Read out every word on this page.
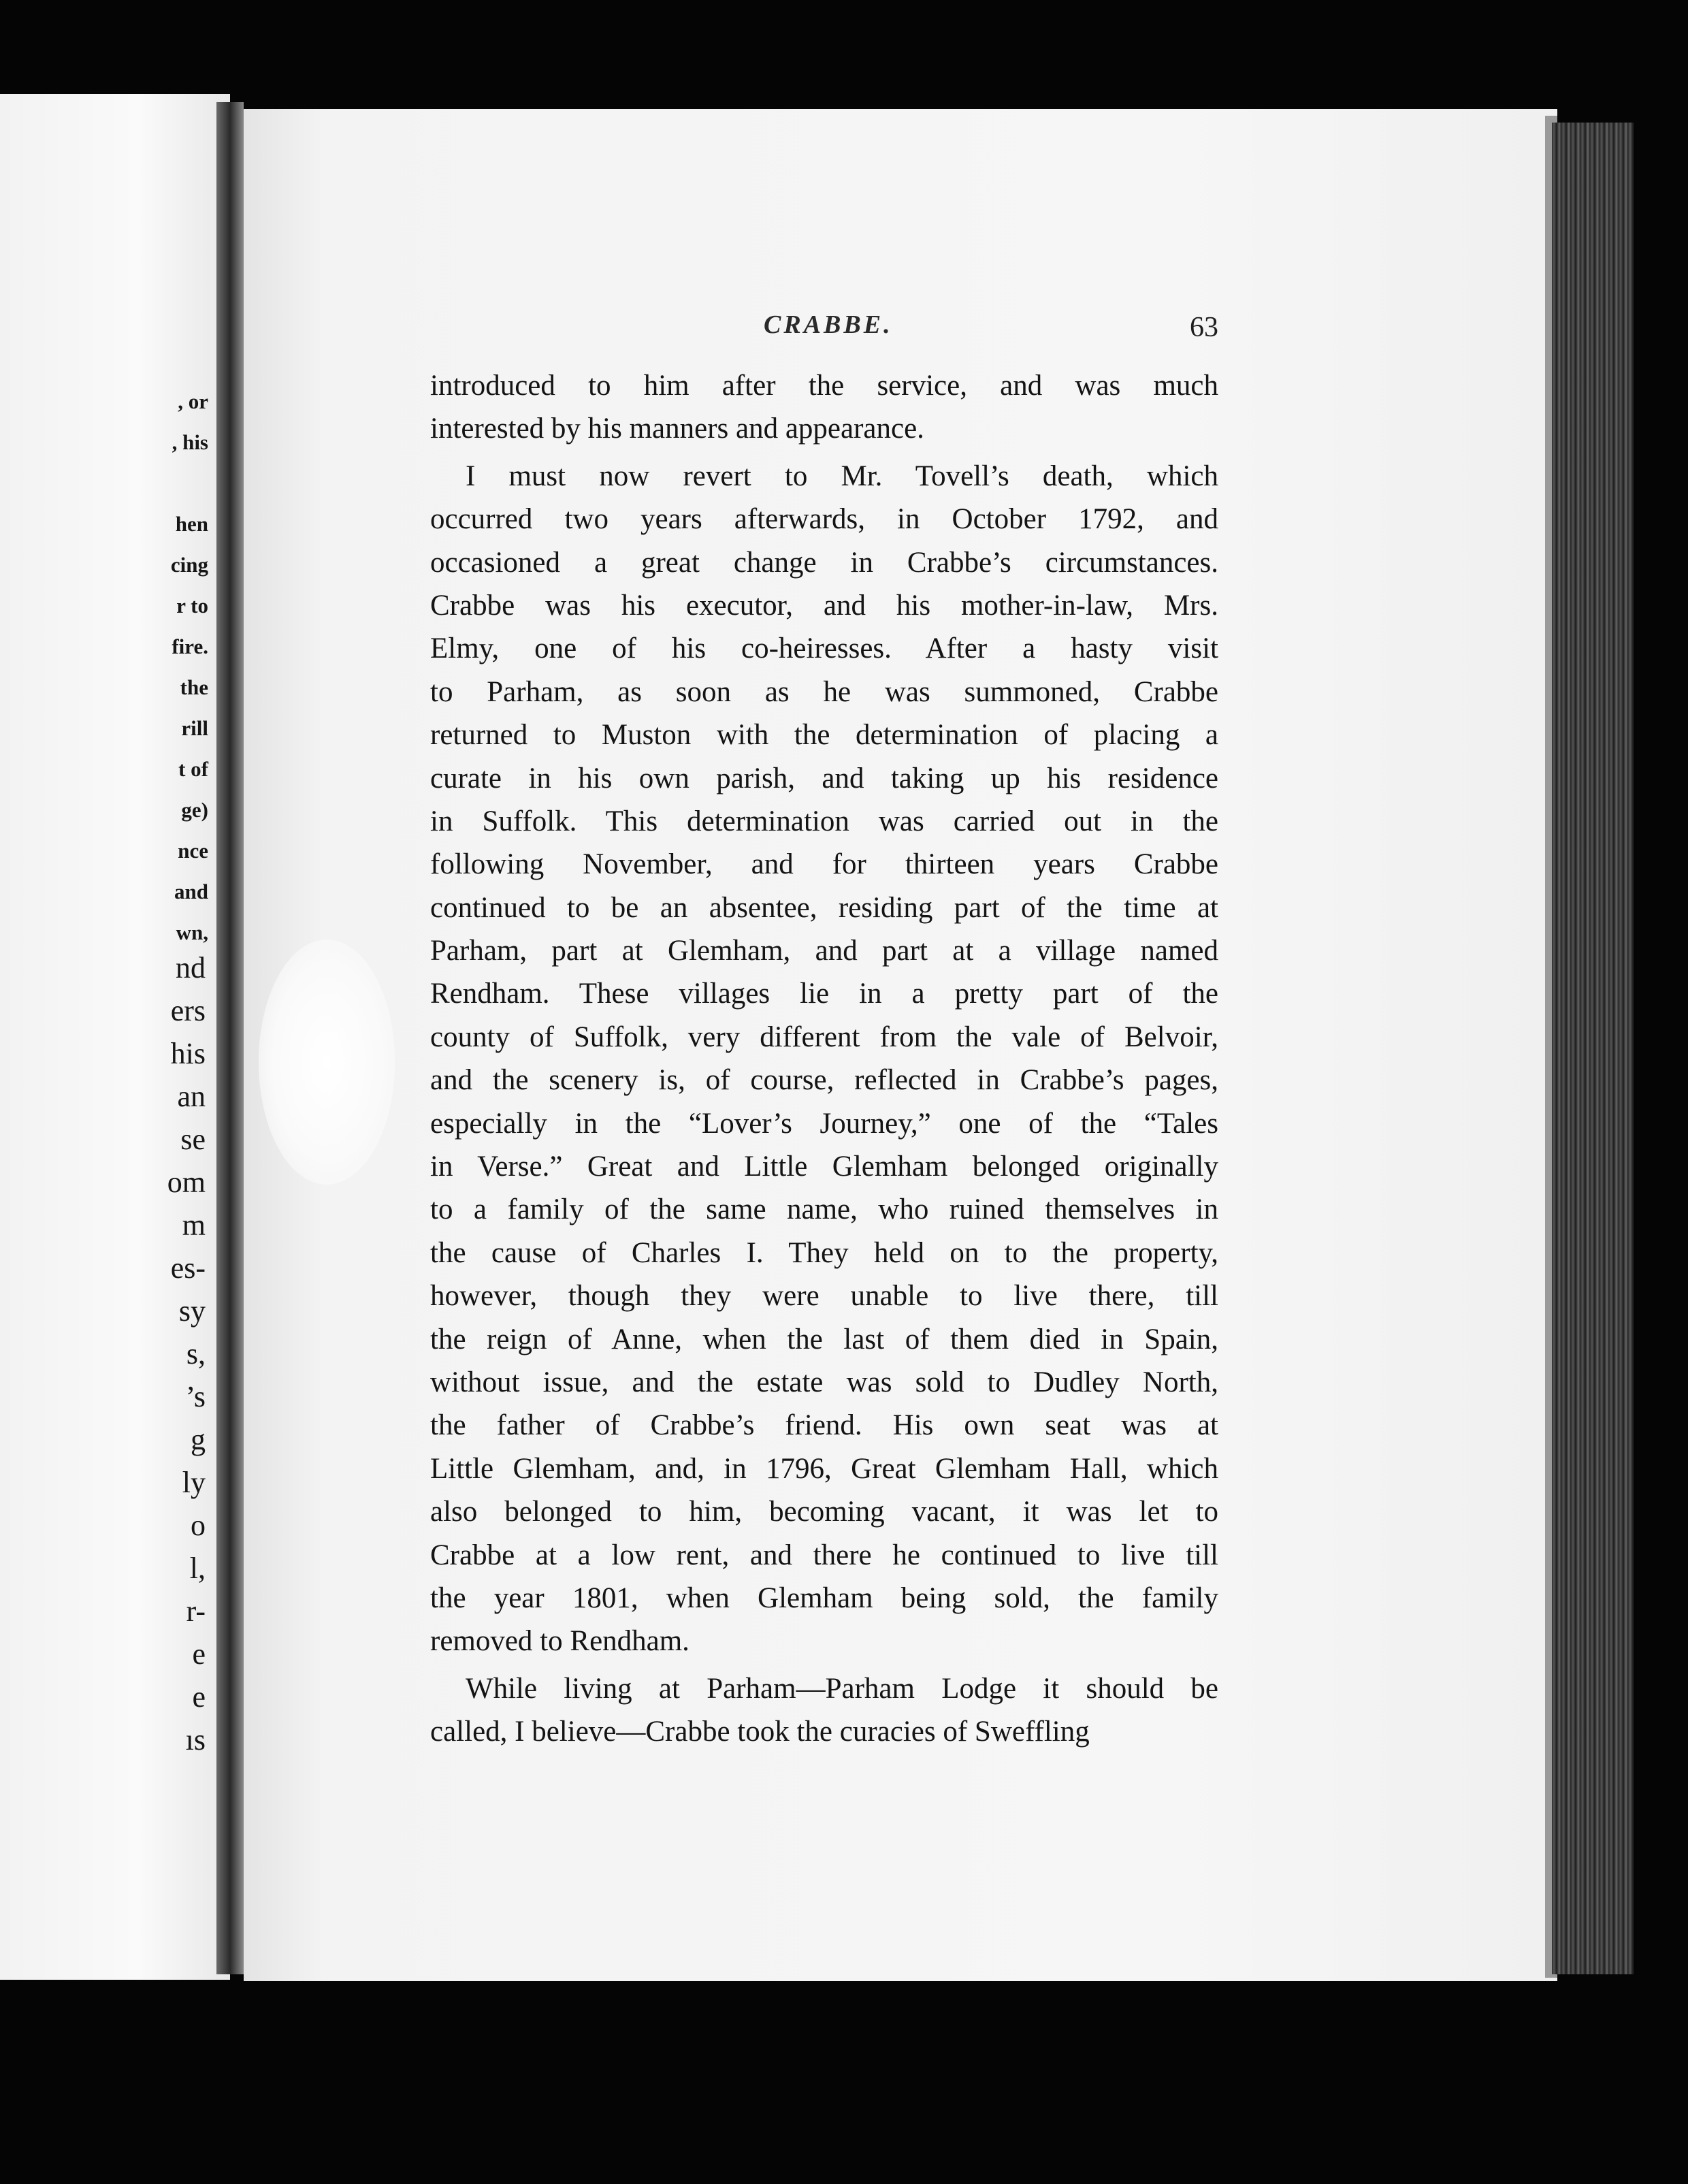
, or
, his

hen
cing
r to
fire.
the
rill
t of
ge)
nce
and
wn,
nd
ers
his
an
se
om
m
es-
sy
s,
’s
g
ly
o
l,
r-
e
e
ıs
CRABBE.	63
introduced to him after the service, and was much
interested by his manners and appearance.
I must now revert to Mr. Tovell’s death, which
occurred two years afterwards, in October 1792, and
occasioned a great change in Crabbe’s circumstances.
Crabbe was his executor, and his mother-in-law, Mrs.
Elmy, one of his co-heiresses. After a hasty visit
to Parham, as soon as he was summoned, Crabbe
returned to Muston with the determination of placing a
curate in his own parish, and taking up his residence
in Suffolk. This determination was carried out in the
following November, and for thirteen years Crabbe
continued to be an absentee, residing part of the time at
Parham, part at Glemham, and part at a village named
Rendham. These villages lie in a pretty part of the
county of Suffolk, very different from the vale of Belvoir,
and the scenery is, of course, reflected in Crabbe’s pages,
especially in the “Lover’s Journey,” one of the “Tales
in Verse.” Great and Little Glemham belonged originally
to a family of the same name, who ruined themselves in
the cause of Charles I. They held on to the property,
however, though they were unable to live there, till
the reign of Anne, when the last of them died in Spain,
without issue, and the estate was sold to Dudley North,
the father of Crabbe’s friend. His own seat was at
Little Glemham, and, in 1796, Great Glemham Hall, which
also belonged to him, becoming vacant, it was let to
Crabbe at a low rent, and there he continued to live till
the year 1801, when Glemham being sold, the family
removed to Rendham.
While living at Parham—Parham Lodge it should be
called, I believe—Crabbe took the curacies of Sweffling
